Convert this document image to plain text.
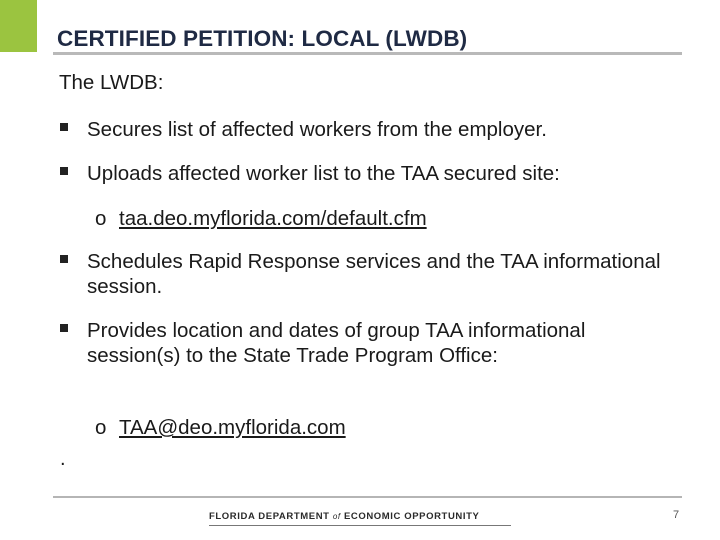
CERTIFIED PETITION: LOCAL (LWDB)

The LWDB:

Secures list of affected workers from the employer.
Uploads affected worker list to the TAA secured site:
Schedules Rapid Response services and the TAA informational session.
Provides location and dates of group TAA informational session(s) to the State Trade Program Office:
o taa.deo.myflorida.com/default.cfm
o TAA@deo.myflorida.com

.

FLORIDA DEPARTMENT of ECONOMIC OPPORTUNITY	7
